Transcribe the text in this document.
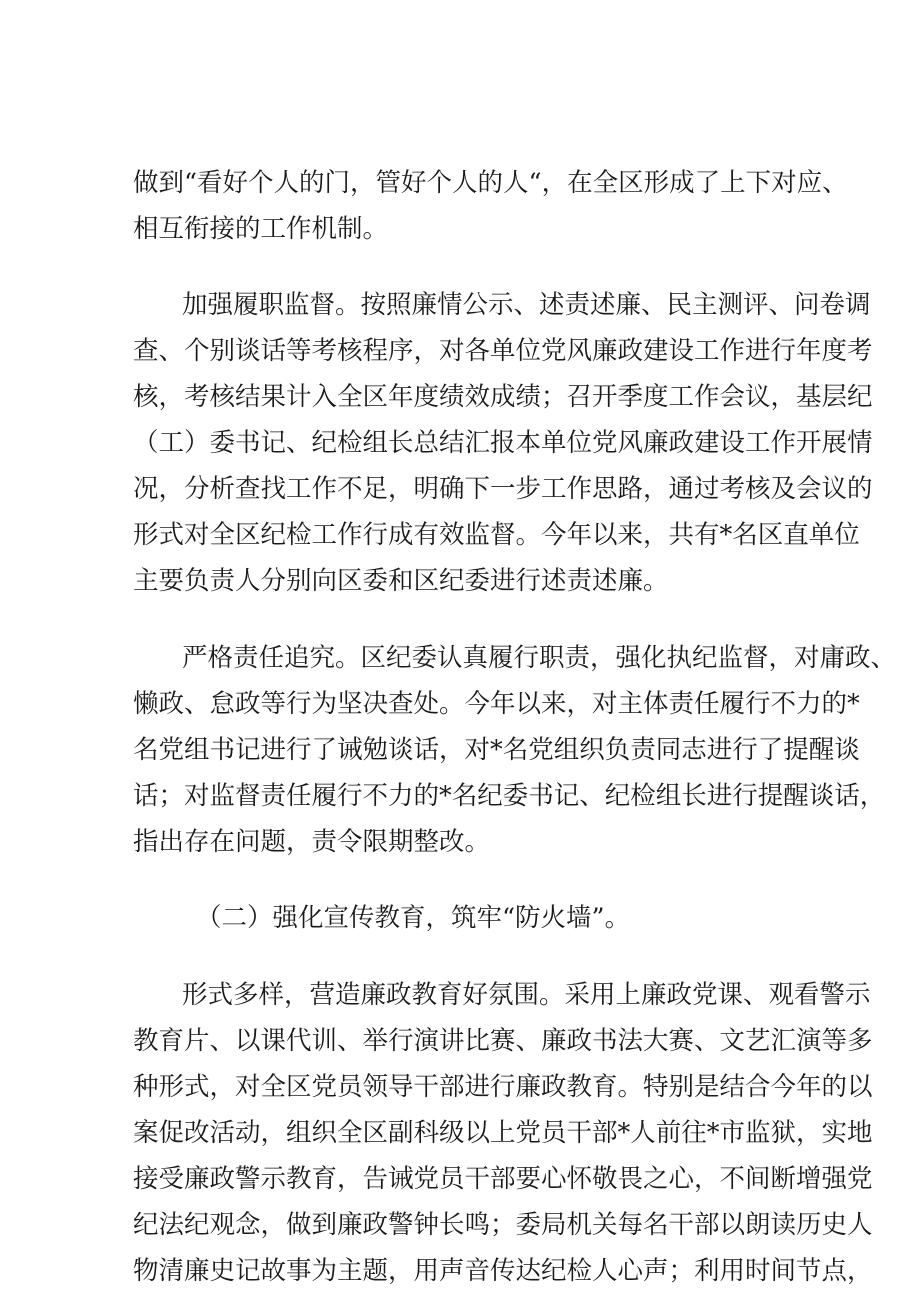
做到“看好个人的门，管好个人的人“，在全区形成了上下对应、
相互衔接的工作机制。
加强履职监督。按照廉情公示、述责述廉、民主测评、问卷调
查、个别谈话等考核程序，对各单位党风廉政建设工作进行年度考
核，考核结果计入全区年度绩效成绩；召开季度工作会议，基层纪
（工）委书记、纪检组长总结汇报本单位党风廉政建设工作开展情
况，分析查找工作不足，明确下一步工作思路，通过考核及会议的
形式对全区纪检工作行成有效监督。今年以来，共有*名区直单位
主要负责人分别向区委和区纪委进行述责述廉。
严格责任追究。区纪委认真履行职责，强化执纪监督，对庸政、
懒政、怠政等行为坚决查处。今年以来，对主体责任履行不力的*
名党组书记进行了诫勉谈话，对*名党组织负责同志进行了提醒谈
话；对监督责任履行不力的*名纪委书记、纪检组长进行提醒谈话，
指出存在问题，责令限期整改。
（二）强化宣传教育，筑牢“防火墙”。
形式多样，营造廉政教育好氛围。采用上廉政党课、观看警示
教育片、以课代训、举行演讲比赛、廉政书法大赛、文艺汇演等多
种形式，对全区党员领导干部进行廉政教育。特别是结合今年的以
案促改活动，组织全区副科级以上党员干部*人前往*市监狱，实地
接受廉政警示教育，告诫党员干部要心怀敬畏之心，不间断增强党
纪法纪观念，做到廉政警钟长鸣；委局机关每名干部以朗读历史人
物清廉史记故事为主题，用声音传达纪检人心声；利用时间节点，
